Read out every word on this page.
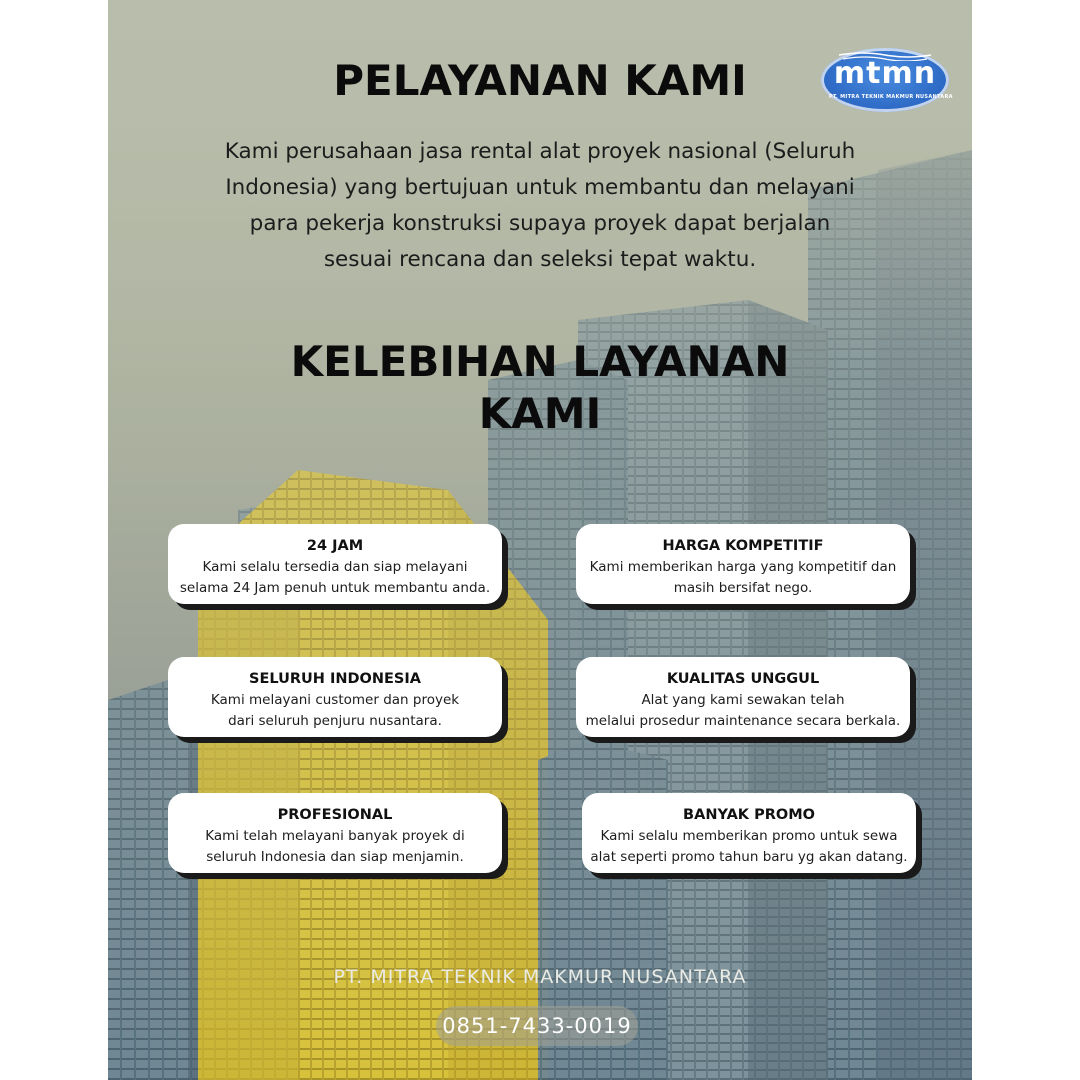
mtmn
PT. MITRA TEKNIK MAKMUR NUSANTARA
PELAYANAN KAMI

Kami perusahaan jasa rental alat proyek nasional (Seluruh
Indonesia) yang bertujuan untuk membantu dan melayani
para pekerja konstruksi supaya proyek dapat berjalan
sesuai rencana dan seleksi tepat waktu.

KELEBIHAN LAYANAN
KAMI
24 JAM
Kami selalu tersedia dan siap melayani
selama 24 Jam penuh untuk membantu anda.
HARGA KOMPETITIF
Kami memberikan harga yang kompetitif dan
masih bersifat nego.
SELURUH INDONESIA
Kami melayani customer dan proyek
dari seluruh penjuru nusantara.
KUALITAS UNGGUL
Alat yang kami sewakan telah
melalui prosedur maintenance secara berkala.
PROFESIONAL
Kami telah melayani banyak proyek di
seluruh Indonesia dan siap menjamin.
BANYAK PROMO
Kami selalu memberikan promo untuk sewa
alat seperti promo tahun baru yg akan datang.
PT. MITRA TEKNIK MAKMUR NUSANTARA
0851-7433-0019
